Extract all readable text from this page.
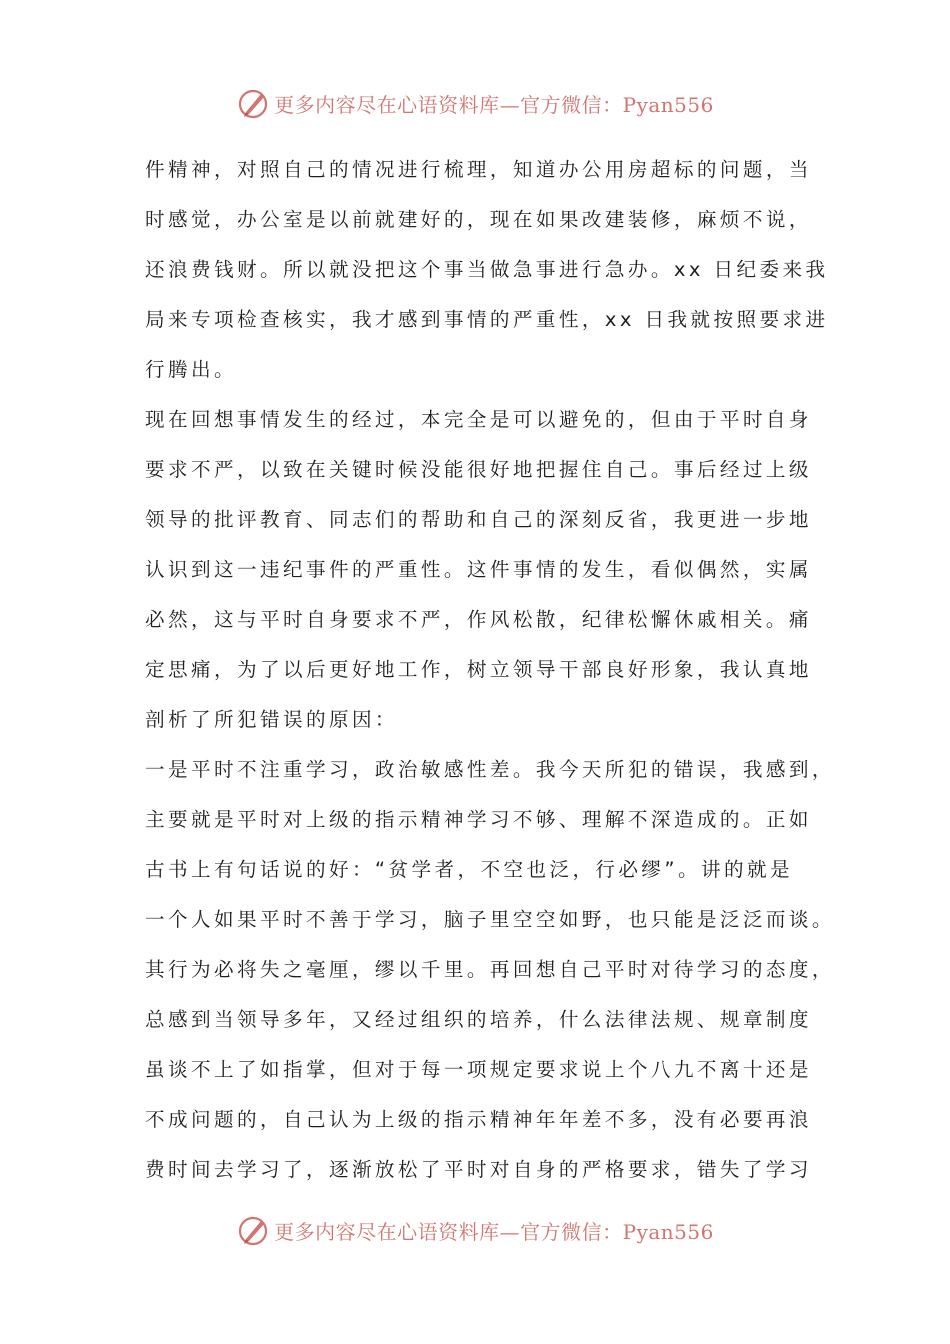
更多内容尽在心语资料库—官方微信：Pyan556
件精神，对照自己的情况进行梳理，知道办公用房超标的问题，当
时感觉，办公室是以前就建好的，现在如果改建装修，麻烦不说，
还浪费钱财。所以就没把这个事当做急事进行急办。xx 日纪委来我
局来专项检查核实，我才感到事情的严重性，xx 日我就按照要求进
行腾出。
现在回想事情发生的经过，本完全是可以避免的，但由于平时自身
要求不严，以致在关键时候没能很好地把握住自己。事后经过上级
领导的批评教育、同志们的帮助和自己的深刻反省，我更进一步地
认识到这一违纪事件的严重性。这件事情的发生，看似偶然，实属
必然，这与平时自身要求不严，作风松散，纪律松懈休戚相关。痛
定思痛，为了以后更好地工作，树立领导干部良好形象，我认真地
剖析了所犯错误的原因：
一是平时不注重学习，政治敏感性差。我今天所犯的错误，我感到，
主要就是平时对上级的指示精神学习不够、理解不深造成的。正如
古书上有句话说的好：“贫学者，不空也泛，行必缪”。讲的就是
一个人如果平时不善于学习，脑子里空空如野，也只能是泛泛而谈。
其行为必将失之毫厘，缪以千里。再回想自己平时对待学习的态度，
总感到当领导多年，又经过组织的培养，什么法律法规、规章制度
虽谈不上了如指掌，但对于每一项规定要求说上个八九不离十还是
不成问题的，自己认为上级的指示精神年年差不多，没有必要再浪
费时间去学习了，逐渐放松了平时对自身的严格要求，错失了学习
更多内容尽在心语资料库—官方微信：Pyan556
